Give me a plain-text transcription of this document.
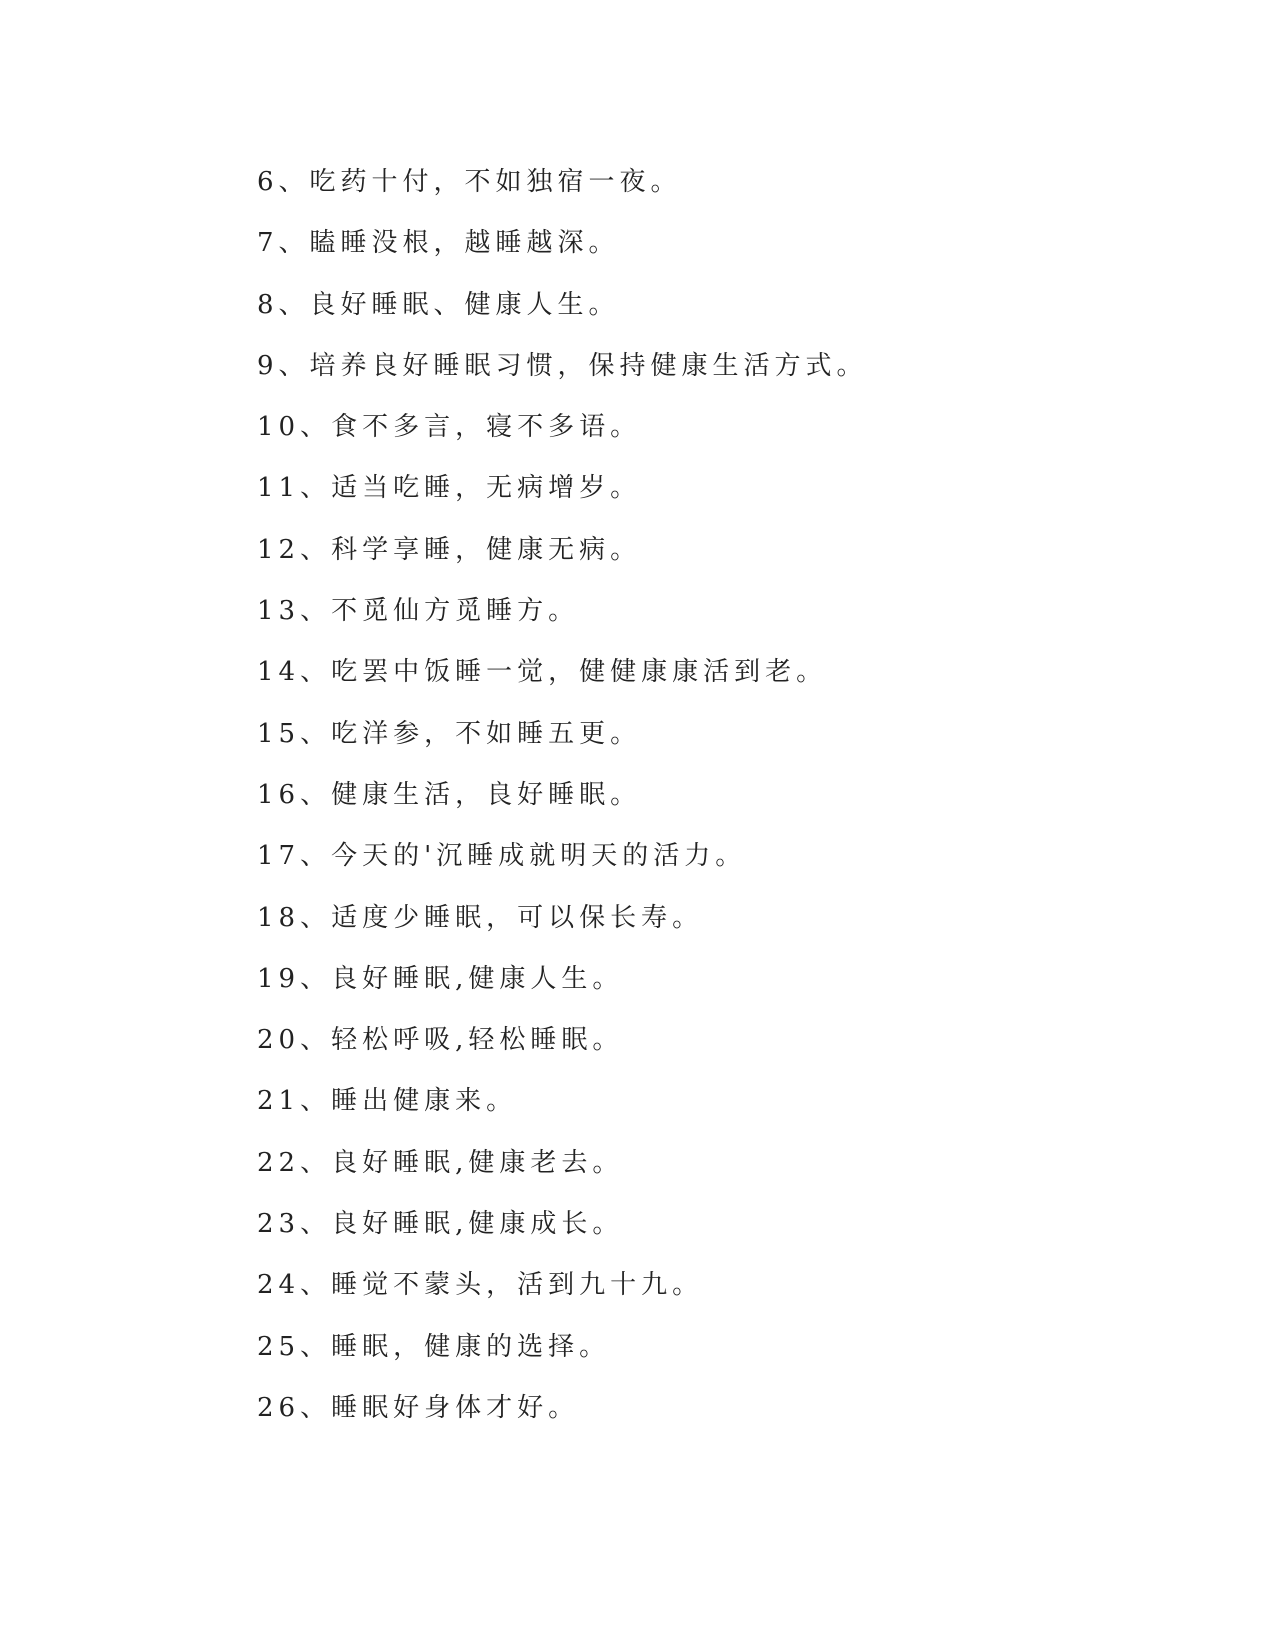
6、吃药十付，不如独宿一夜。
7、瞌睡没根，越睡越深。
8、良好睡眠、健康人生。
9、培养良好睡眠习惯，保持健康生活方式。
10、食不多言，寝不多语。
11、适当吃睡，无病增岁。
12、科学享睡，健康无病。
13、不觅仙方觅睡方。
14、吃罢中饭睡一觉，健健康康活到老。
15、吃洋参，不如睡五更。
16、健康生活，良好睡眠。
17、今天的'沉睡成就明天的活力。
18、适度少睡眠，可以保长寿。
19、良好睡眠,健康人生。
20、轻松呼吸,轻松睡眠。
21、睡出健康来。
22、良好睡眠,健康老去。
23、良好睡眠,健康成长。
24、睡觉不蒙头，活到九十九。
25、睡眠，健康的选择。
26、睡眠好身体才好。
